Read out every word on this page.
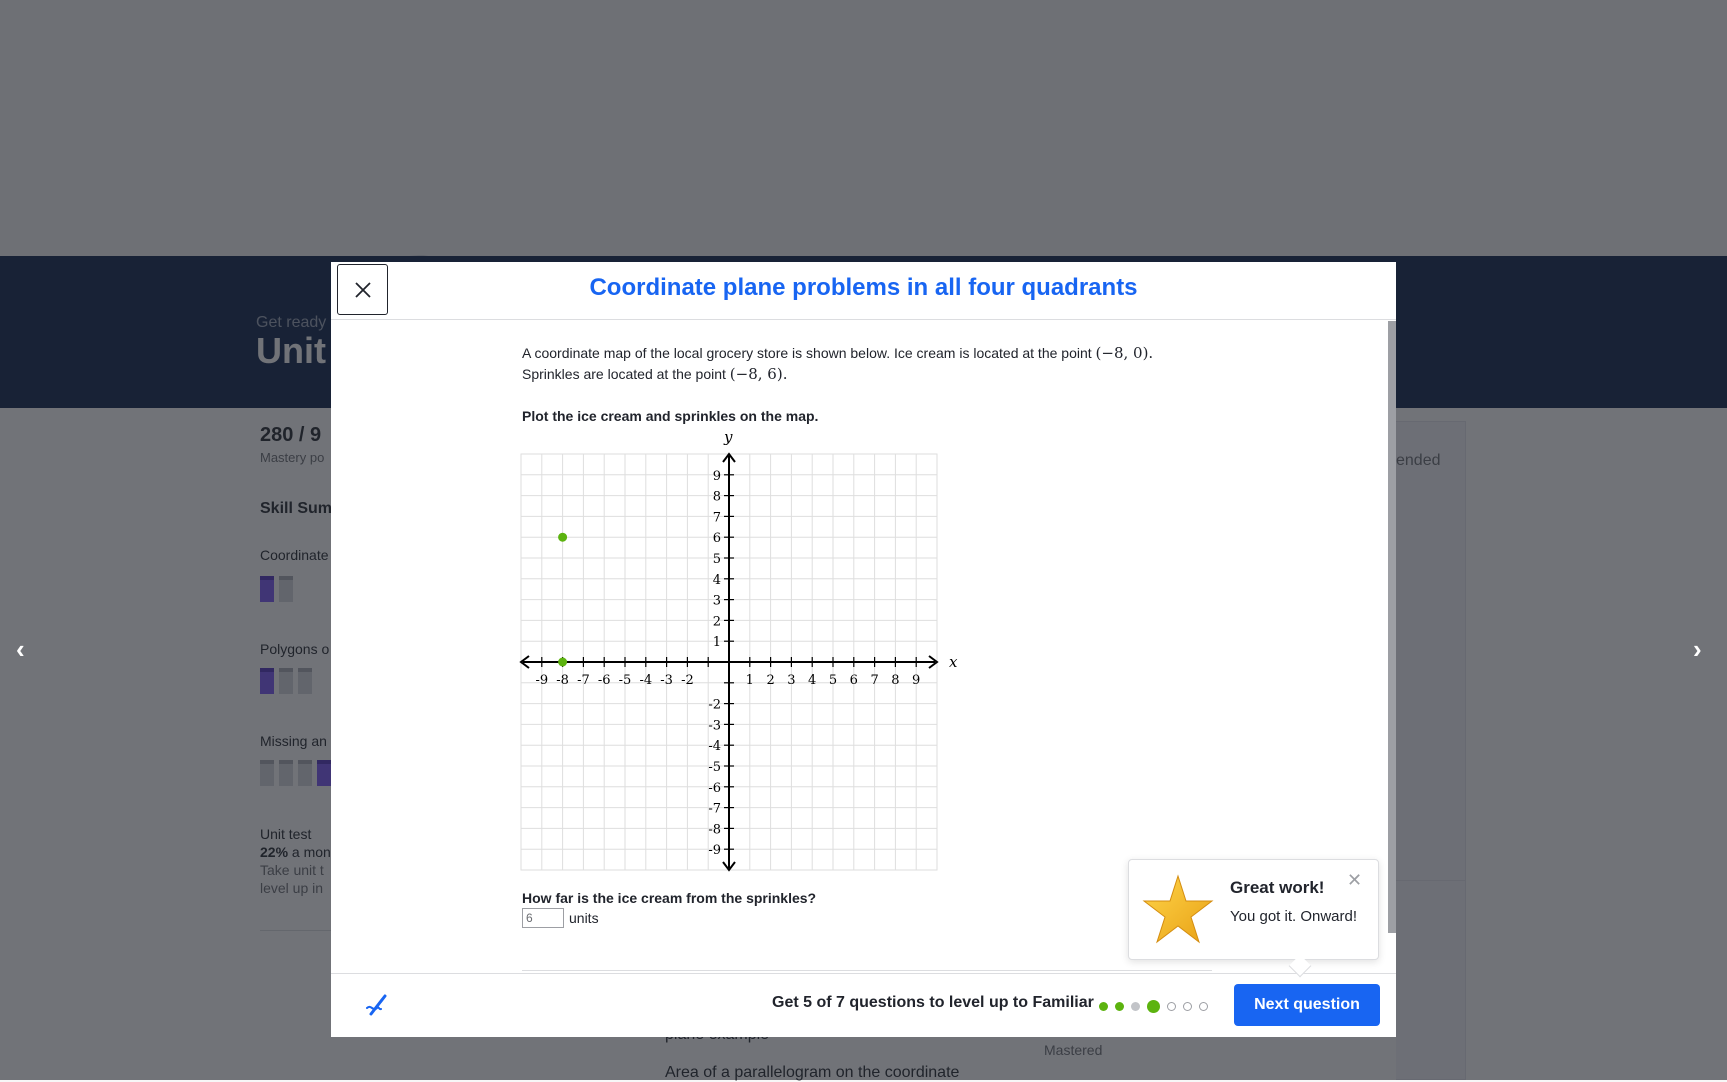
‹	›
Coordinate plane problems in all four quadrants
A coordinate map of the local grocery store is shown below. Ice cream is located at the point (−8, 0).
Sprinkles are located at the point (−8, 6).
Plot the ice cream and sprinkles on the map.
-9 -8 -7 -6 -5 -4 -3 -2	1 2 3 4 5 6 7 8 9
9
8
7
6
5
4
3
2
1
-2
-3
-4
-5
-6
-7
-8
-9
x
y
How far is the ice cream from the sprinkles?
6
units
Get 5 of 7 questions to level up to Familiar	Next question
Great work!
You got it. Onward!
✕
